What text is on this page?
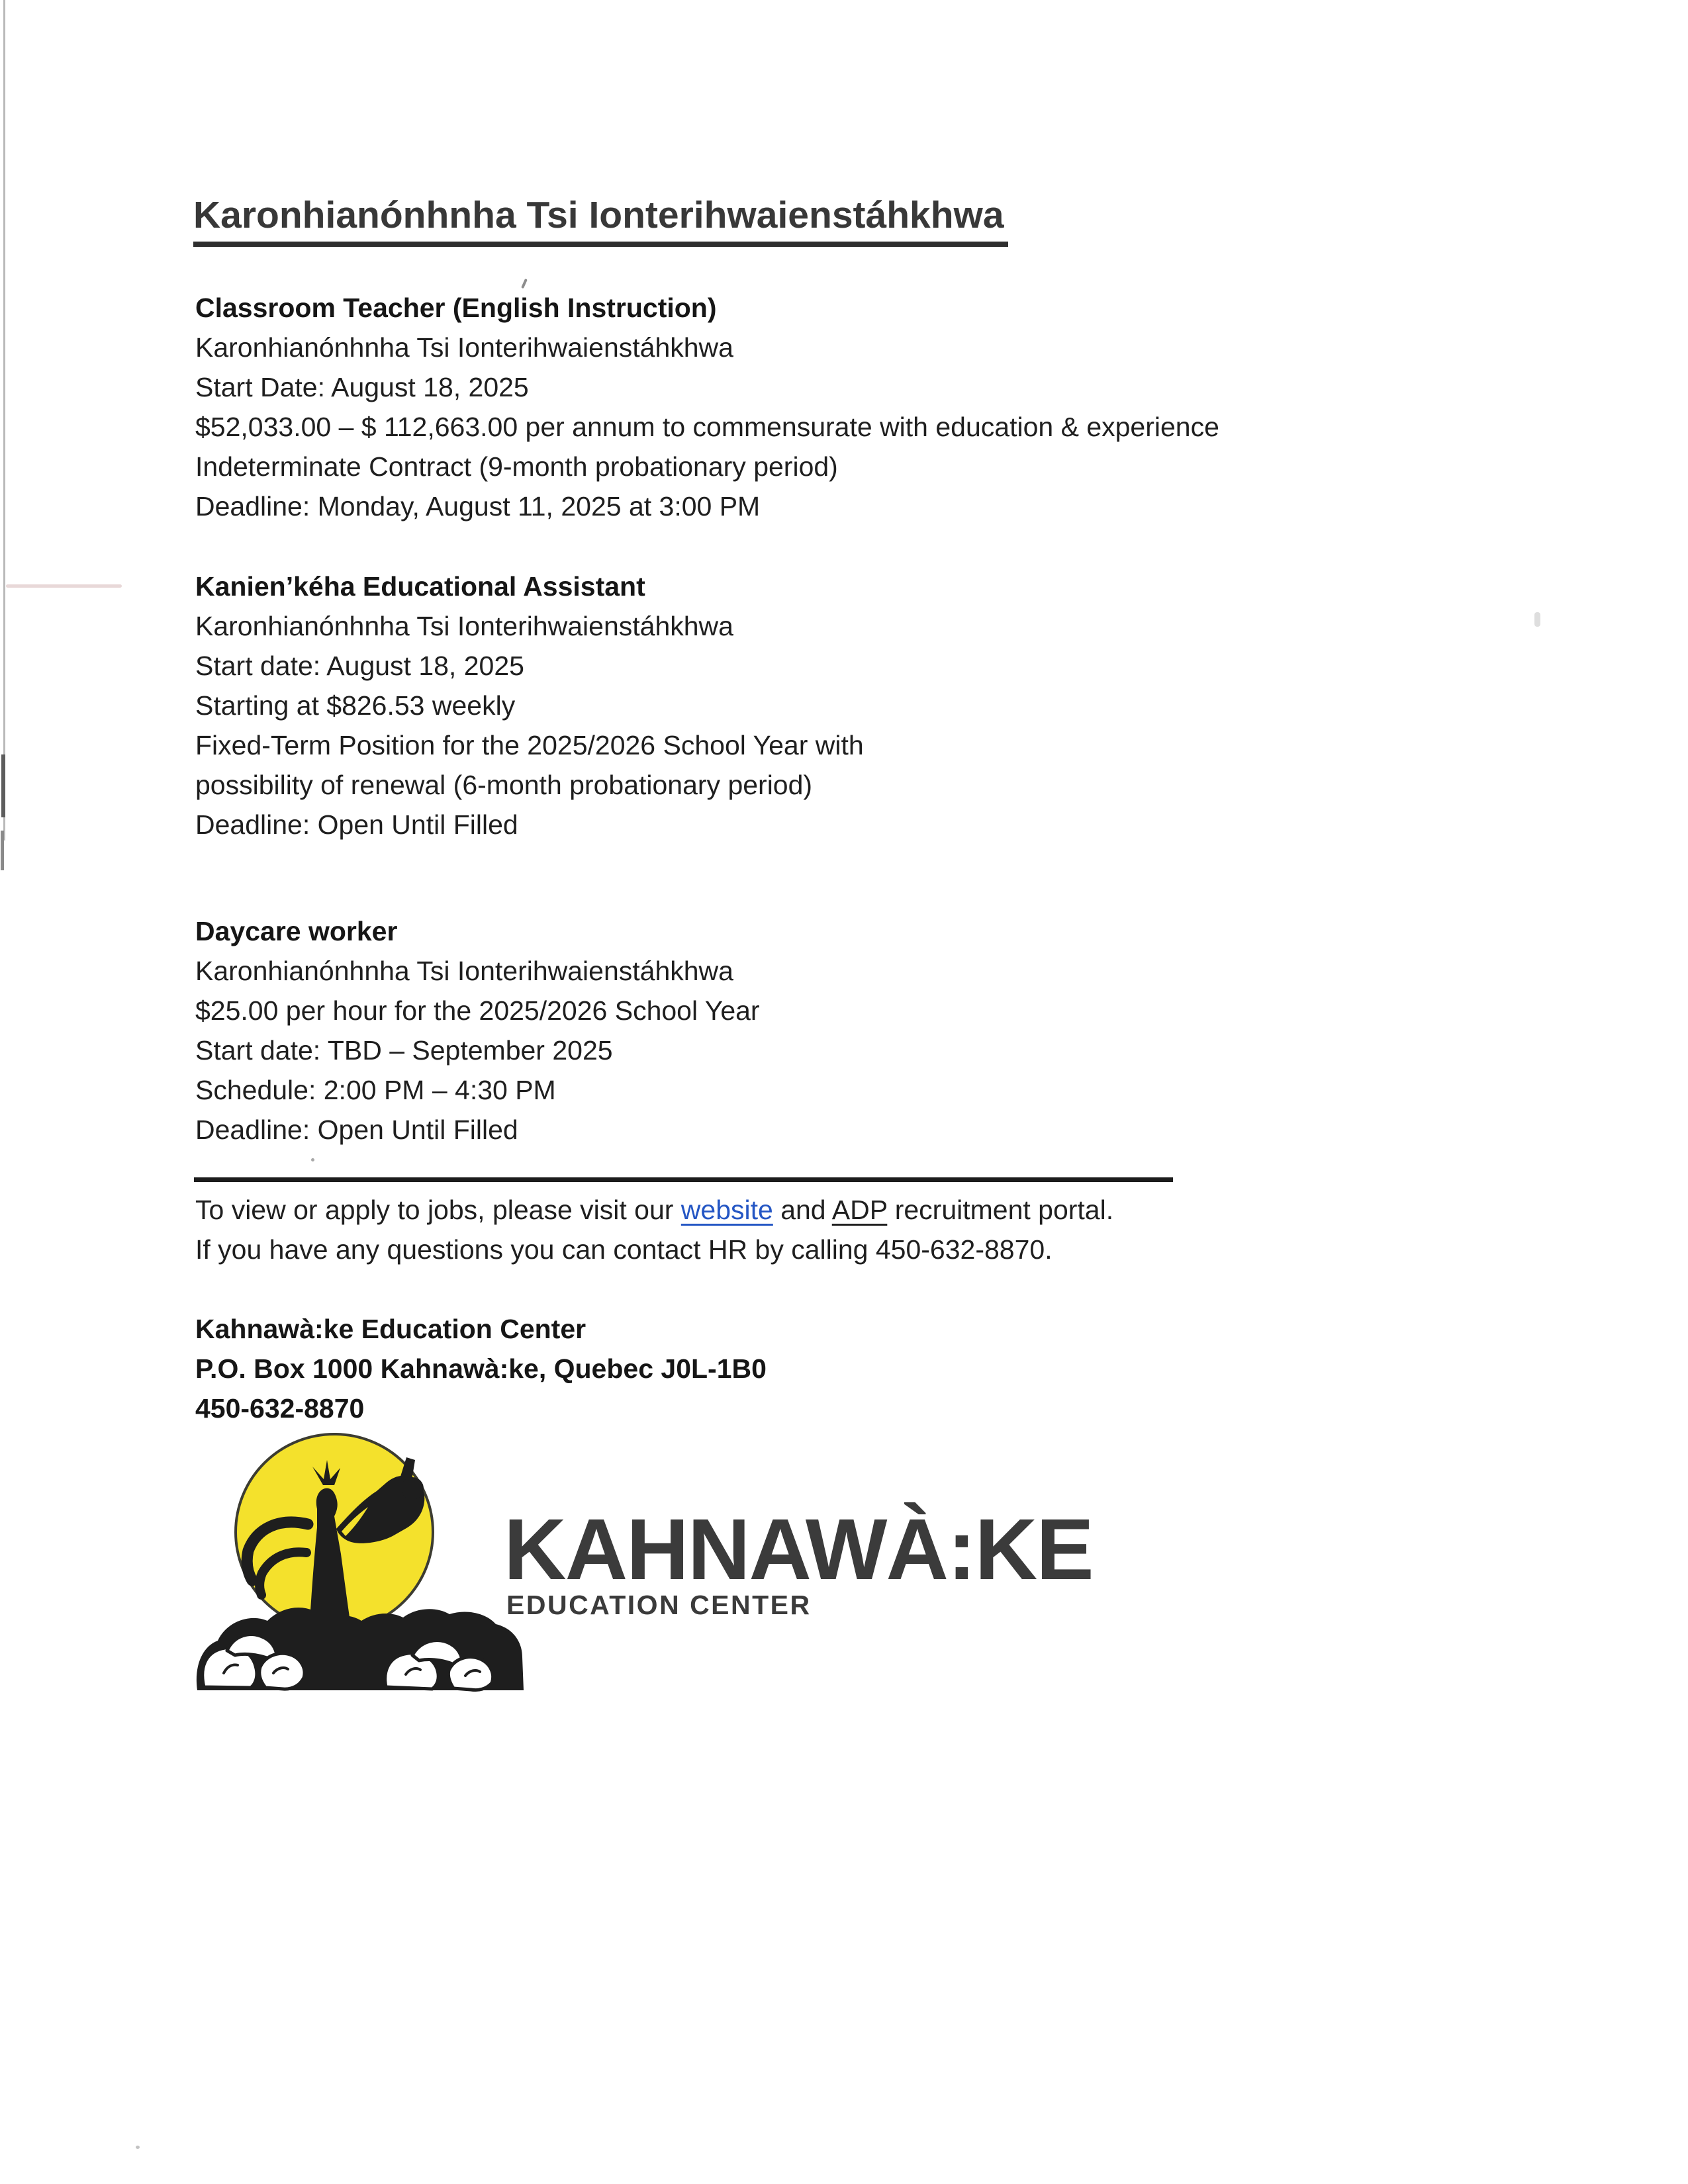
Karonhianónhnha Tsi Ionterihwaienstáhkhwa
Classroom Teacher (English Instruction)
Karonhianónhnha Tsi Ionterihwaienstáhkhwa
Start Date: August 18, 2025
$52,033.00 – $ 112,663.00 per annum to commensurate with education & experience
Indeterminate Contract (9-month probationary period)
Deadline: Monday, August 11, 2025 at 3:00 PM
Kanien’kéha Educational Assistant
Karonhianónhnha Tsi Ionterihwaienstáhkhwa
Start date: August 18, 2025
Starting at $826.53 weekly
Fixed-Term Position for the 2025/2026 School Year with
possibility of renewal (6-month probationary period)
Deadline: Open Until Filled
Daycare worker
Karonhianónhnha Tsi Ionterihwaienstáhkhwa
$25.00 per hour for the 2025/2026 School Year
Start date: TBD – September 2025
Schedule: 2:00 PM – 4:30 PM
Deadline: Open Until Filled
To view or apply to jobs, please visit our website and ADP recruitment portal.
If you have any questions you can contact HR by calling 450-632-8870.
Kahnawà:ke Education Center
P.O. Box 1000 Kahnawà:ke, Quebec J0L-1B0
450-632-8870
KAHNAWÀ:KE
EDUCATION CENTER
